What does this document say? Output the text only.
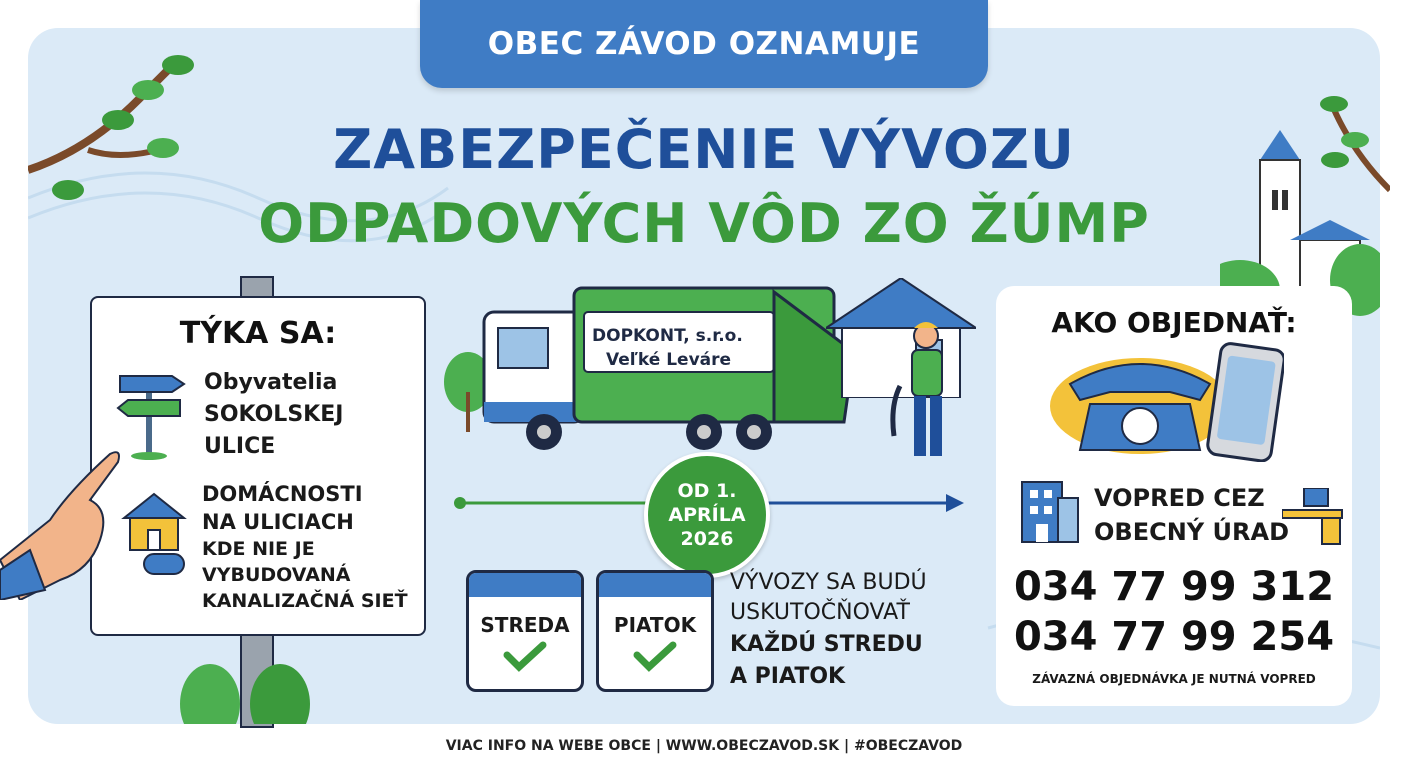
OBEC ZÁVOD OZNAMUJE
ZABEZPEČENIE VÝVOZU
ODPADOVÝCH VÔD ZO ŽÚMP
TÝKA SA:
Obyvatelia
SOKOLSKEJ
ULICE
DOMÁCNOSTI
NA ULICIACH
KDE NIE JE
VYBUDOVANÁ
KANALIZAČNÁ SIEŤ
DOPKONT, s.r.o.
Veľké Leváre
OD 1.
APRÍLA
2026
STREDA	PIATOK
VÝVOZY SA BUDÚ
USKUTOČŇOVAŤ
KAŽDÚ STREDU
A PIATOK
AKO OBJEDNAŤ:
VOPRED CEZ
OBECNÝ ÚRAD
034 77 99 312
034 77 99 254
ZÁVAZNÁ OBJEDNÁVKA JE NUTNÁ VOPRED
VIAC INFO NA WEBE OBCE | WWW.OBECZAVOD.SK | #OBECZAVOD
